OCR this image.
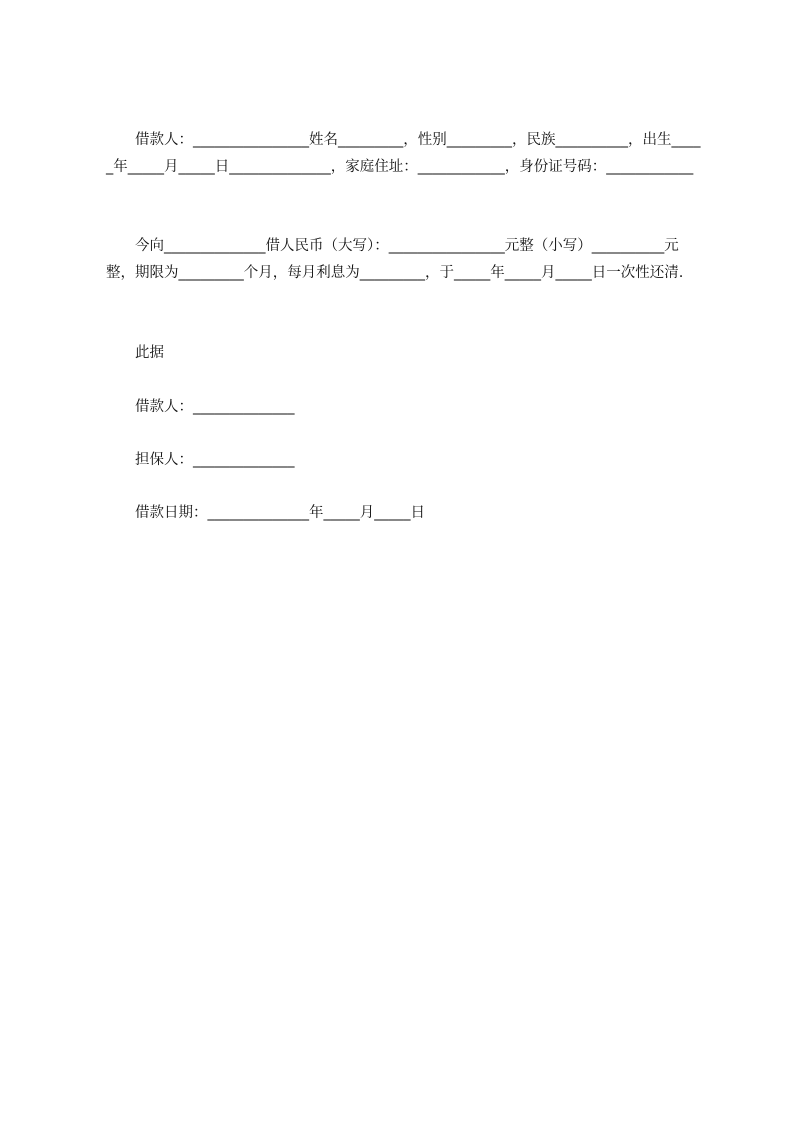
借款人：________________姓名_________，性别_________，民族__________，出生_____年_____月_____日______________，家庭住址：____________，身份证号码：____________

今向______________借人民币（大写）：________________元整（小写）__________元整，期限为_________个月，每月利息为_________，于_____年_____月_____日一次性还清.

此据

借款人：______________

担保人：______________

借款日期：______________年_____月_____日
